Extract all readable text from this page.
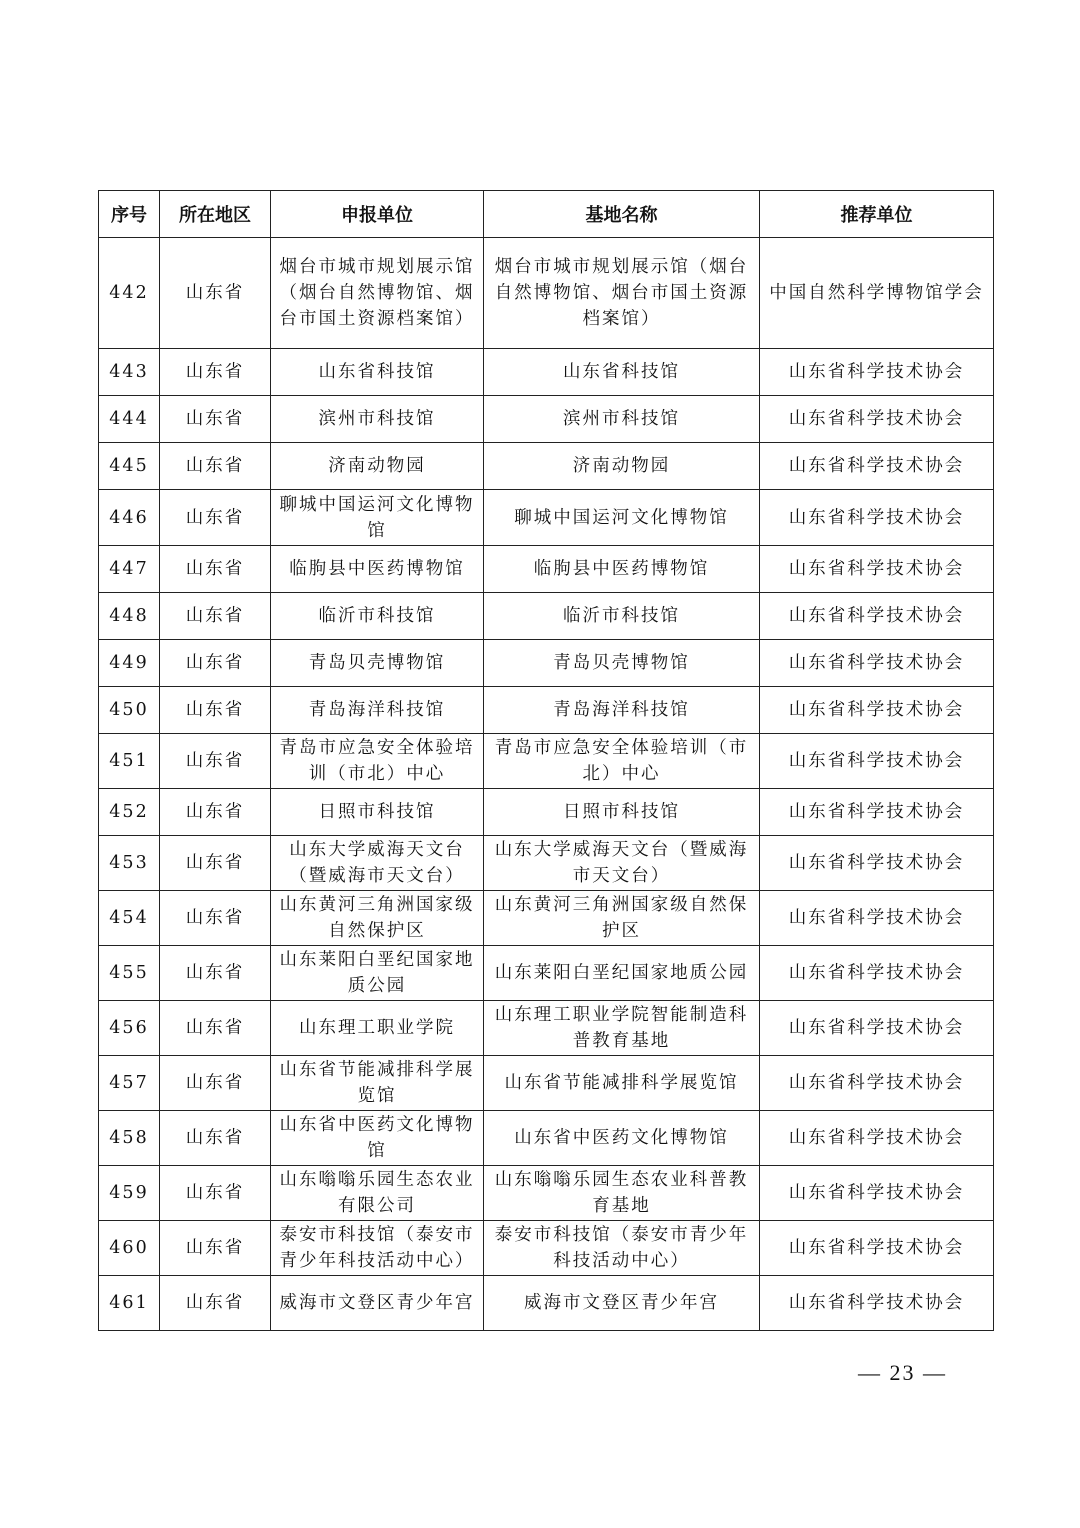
序号	所在地区	申报单位	基地名称	推荐单位
442	山东省	烟台市城市规划展示馆（烟台自然博物馆、烟台市国土资源档案馆）	烟台市城市规划展示馆（烟台自然博物馆、烟台市国土资源档案馆）	中国自然科学博物馆学会
443	山东省	山东省科技馆	山东省科技馆	山东省科学技术协会
444	山东省	滨州市科技馆	滨州市科技馆	山东省科学技术协会
445	山东省	济南动物园	济南动物园	山东省科学技术协会
446	山东省	聊城中国运河文化博物馆	聊城中国运河文化博物馆	山东省科学技术协会
447	山东省	临朐县中医药博物馆	临朐县中医药博物馆	山东省科学技术协会
448	山东省	临沂市科技馆	临沂市科技馆	山东省科学技术协会
449	山东省	青岛贝壳博物馆	青岛贝壳博物馆	山东省科学技术协会
450	山东省	青岛海洋科技馆	青岛海洋科技馆	山东省科学技术协会
451	山东省	青岛市应急安全体验培训（市北）中心	青岛市应急安全体验培训（市北）中心	山东省科学技术协会
452	山东省	日照市科技馆	日照市科技馆	山东省科学技术协会
453	山东省	山东大学威海天文台（暨威海市天文台）	山东大学威海天文台（暨威海市天文台）	山东省科学技术协会
454	山东省	山东黄河三角洲国家级自然保护区	山东黄河三角洲国家级自然保护区	山东省科学技术协会
455	山东省	山东莱阳白垩纪国家地质公园	山东莱阳白垩纪国家地质公园	山东省科学技术协会
456	山东省	山东理工职业学院	山东理工职业学院智能制造科普教育基地	山东省科学技术协会
457	山东省	山东省节能减排科学展览馆	山东省节能减排科学展览馆	山东省科学技术协会
458	山东省	山东省中医药文化博物馆	山东省中医药文化博物馆	山东省科学技术协会
459	山东省	山东嗡嗡乐园生态农业有限公司	山东嗡嗡乐园生态农业科普教育基地	山东省科学技术协会
460	山东省	泰安市科技馆（泰安市青少年科技活动中心）	泰安市科技馆（泰安市青少年科技活动中心）	山东省科学技术协会
461	山东省	威海市文登区青少年宫	威海市文登区青少年宫	山东省科学技术协会
— 23 —
